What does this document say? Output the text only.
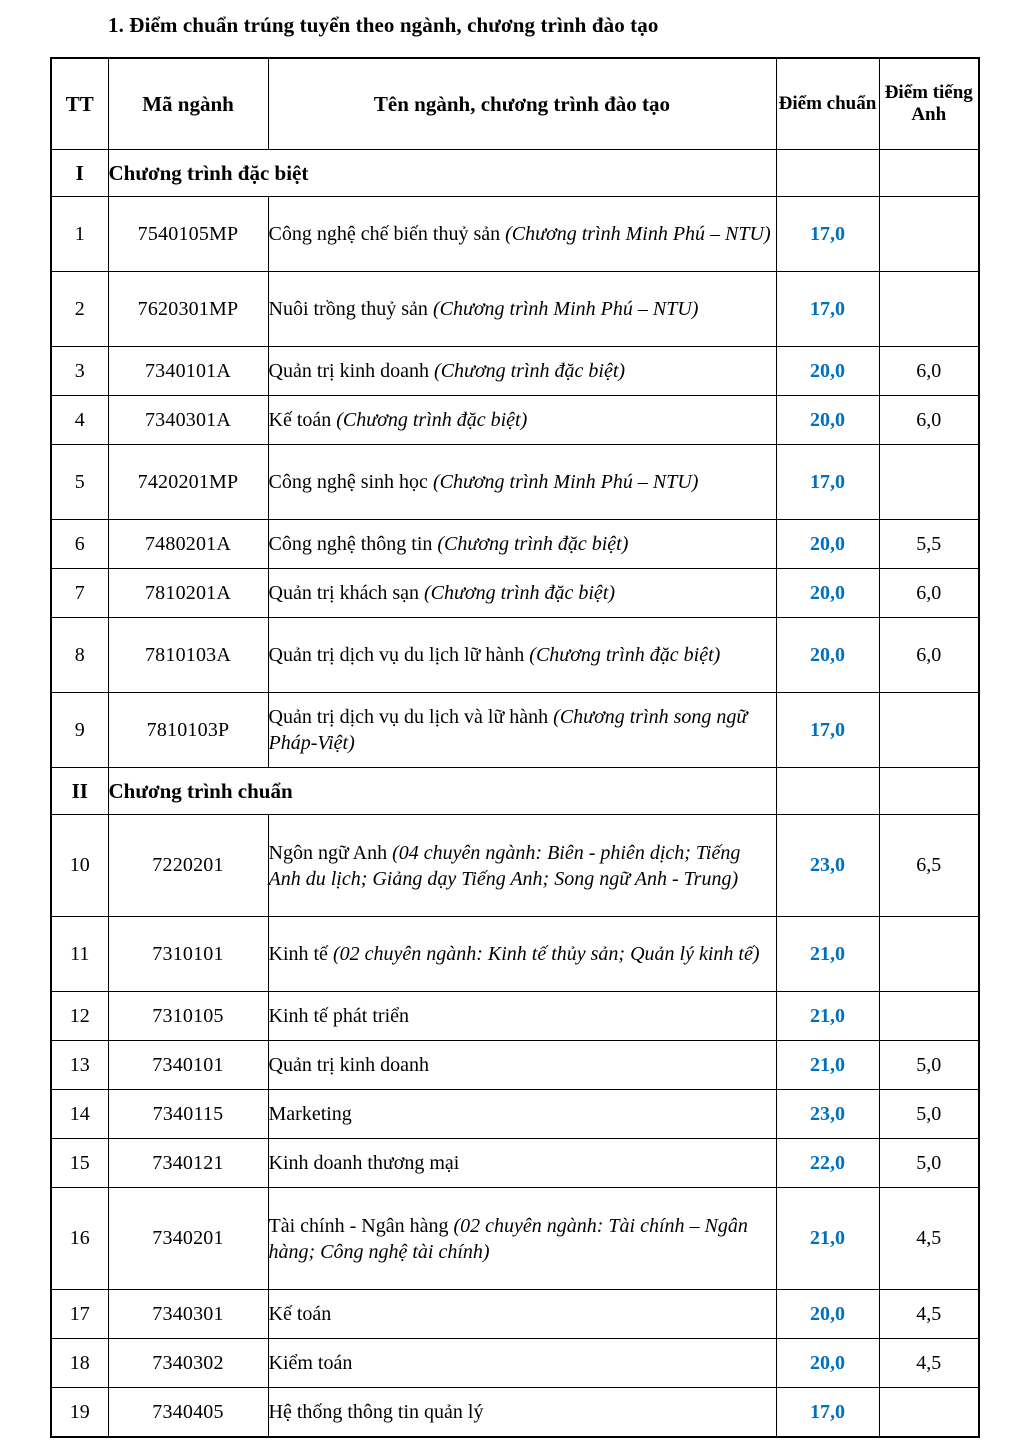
1. Điểm chuẩn trúng tuyển theo ngành, chương trình đào tạo
TT	Mã ngành	Tên ngành, chương trình đào tạo	Điểm chuẩn	Điểm tiếng Anh
I	Chương trình đặc biệt			
1	7540105MP	Công nghệ chế biến thuỷ sản (Chương trình Minh Phú – NTU)	17,0	
2	7620301MP	Nuôi trồng thuỷ sản (Chương trình Minh Phú – NTU)	17,0	
3	7340101A	Quản trị kinh doanh (Chương trình đặc biệt)	20,0	6,0
4	7340301A	Kế toán (Chương trình đặc biệt)	20,0	6,0
5	7420201MP	Công nghệ sinh học (Chương trình Minh Phú – NTU)	17,0	
6	7480201A	Công nghệ thông tin (Chương trình đặc biệt)	20,0	5,5
7	7810201A	Quản trị khách sạn (Chương trình đặc biệt)	20,0	6,0
8	7810103A	Quản trị dịch vụ du lịch lữ hành (Chương trình đặc biệt)	20,0	6,0
9	7810103P	Quản trị dịch vụ du lịch và lữ hành (Chương trình song ngữ Pháp-Việt)	17,0	
II	Chương trình chuẩn			
10	7220201	Ngôn ngữ Anh (04 chuyên ngành: Biên - phiên dịch; Tiếng Anh du lịch; Giảng dạy Tiếng Anh; Song ngữ Anh - Trung)	23,0	6,5
11	7310101	Kinh tế (02 chuyên ngành: Kinh tế thủy sản; Quản lý kinh tế)	21,0	
12	7310105	Kinh tế phát triển	21,0	
13	7340101	Quản trị kinh doanh	21,0	5,0
14	7340115	Marketing	23,0	5,0
15	7340121	Kinh doanh thương mại	22,0	5,0
16	7340201	Tài chính - Ngân hàng (02 chuyên ngành: Tài chính – Ngân hàng; Công nghệ tài chính)	21,0	4,5
17	7340301	Kế toán	20,0	4,5
18	7340302	Kiểm toán	20,0	4,5
19	7340405	Hệ thống thông tin quản lý	17,0	
